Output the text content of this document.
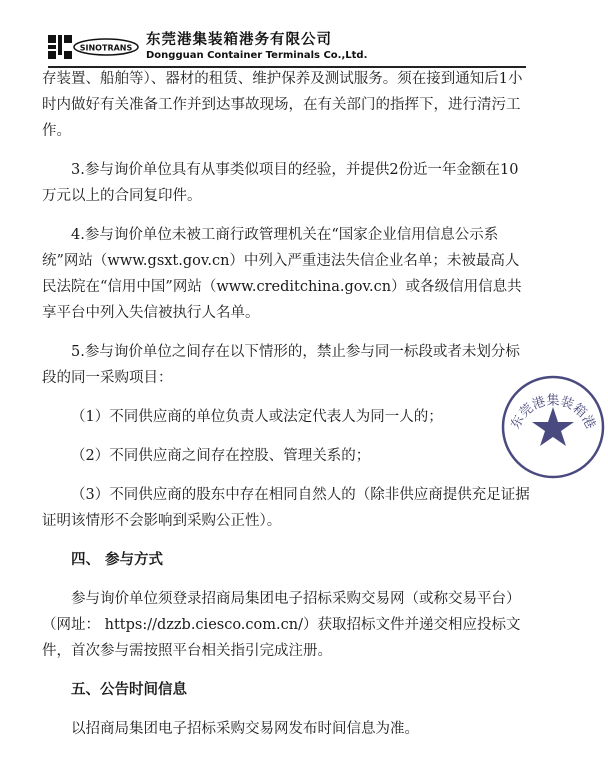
SINOTRANS 东莞港集装箱港务有限公司
Dongguan Container Terminals Co.,Ltd.

存装置、船舶等）、器材的租赁、维护保养及测试服务。须在接到通知后1小时内做好有关准备工作并到达事故现场，在有关部门的指挥下，进行清污工作。

3.参与询价单位具有从事类似项目的经验，并提供2份近一年金额在10万元以上的合同复印件。

4.参与询价单位未被工商行政管理机关在“国家企业信用信息公示系统”网站（www.gsxt.gov.cn）中列入严重违法失信企业名单；未被最高人民法院在“信用中国”网站（www.creditchina.gov.cn）或各级信用信息共享平台中列入失信被执行人名单。

5.参与询价单位之间存在以下情形的，禁止参与同一标段或者未划分标段的同一采购项目：

（1）不同供应商的单位负责人或法定代表人为同一人的；

（2）不同供应商之间存在控股、管理关系的；

（3）不同供应商的股东中存在相同自然人的（除非供应商提供充足证据证明该情形不会影响到采购公正性）。

四、 参与方式

参与询价单位须登录招商局集团电子招标采购交易网（或称交易平台）（网址： https://dzzb.ciesco.com.cn/）获取招标文件并递交相应投标文件，首次参与需按照平台相关指引完成注册。

五、公告时间信息

以招商局集团电子招标采购交易网发布时间信息为准。

东莞港集装箱港
